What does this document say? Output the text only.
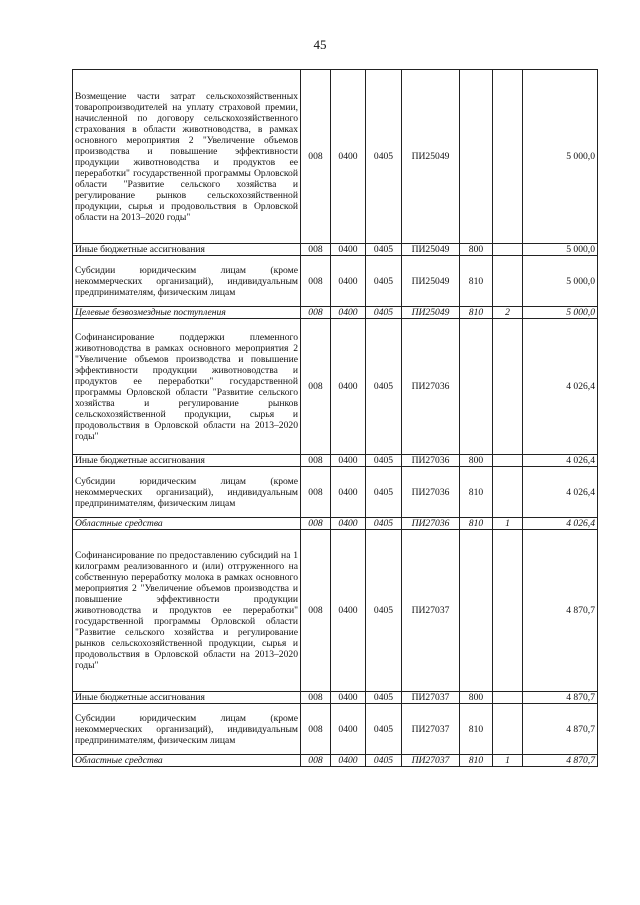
45
Возмещение части затрат сельскохозяйственных товаропроизводителей на уплату страховой премии, начисленной по договору сельскохозяйственного страхования в области животноводства, в рамках основного мероприятия 2 "Увеличение объемов производства и повышение эффективности продукции животноводства и продуктов ее переработки" государственной программы Орловской области "Развитие сельского хозяйства и регулирование рынков сельскохозяйственной продукции, сырья и продовольствия в Орловской области на 2013–2020 годы"	008	0400	0405	ПИ25049			5 000,0
Иные бюджетные ассигнования	008	0400	0405	ПИ25049	800		5 000,0
Субсидии юридическим лицам (кроме некоммерческих организаций), индивидуальным предпринимателям, физическим лицам	008	0400	0405	ПИ25049	810		5 000,0
Целевые безвозмездные поступления	008	0400	0405	ПИ25049	810	2	5 000,0
Софинансирование поддержки племенного животноводства в рамках основного мероприятия 2 "Увеличение объемов производства и повышение эффективности продукции животноводства и продуктов ее переработки" государственной программы Орловской области "Развитие сельского хозяйства и регулирование рынков сельскохозяйственной продукции, сырья и продовольствия в Орловской области на 2013–2020 годы"	008	0400	0405	ПИ27036			4 026,4
Иные бюджетные ассигнования	008	0400	0405	ПИ27036	800		4 026,4
Субсидии юридическим лицам (кроме некоммерческих организаций), индивидуальным предпринимателям, физическим лицам	008	0400	0405	ПИ27036	810		4 026,4
Областные средства	008	0400	0405	ПИ27036	810	1	4 026,4
Софинансирование по предоставлению субсидий на 1 килограмм реализованного и (или) отгруженного на собственную переработку молока в рамках основного мероприятия 2 "Увеличение объемов производства и повышение эффективности продукции животноводства и продуктов ее переработки" государственной программы Орловской области "Развитие сельского хозяйства и регулирование рынков сельскохозяйственной продукции, сырья и продовольствия в Орловской области на 2013–2020 годы"	008	0400	0405	ПИ27037			4 870,7
Иные бюджетные ассигнования	008	0400	0405	ПИ27037	800		4 870,7
Субсидии юридическим лицам (кроме некоммерческих организаций), индивидуальным предпринимателям, физическим лицам	008	0400	0405	ПИ27037	810		4 870,7
Областные средства	008	0400	0405	ПИ27037	810	1	4 870,7
